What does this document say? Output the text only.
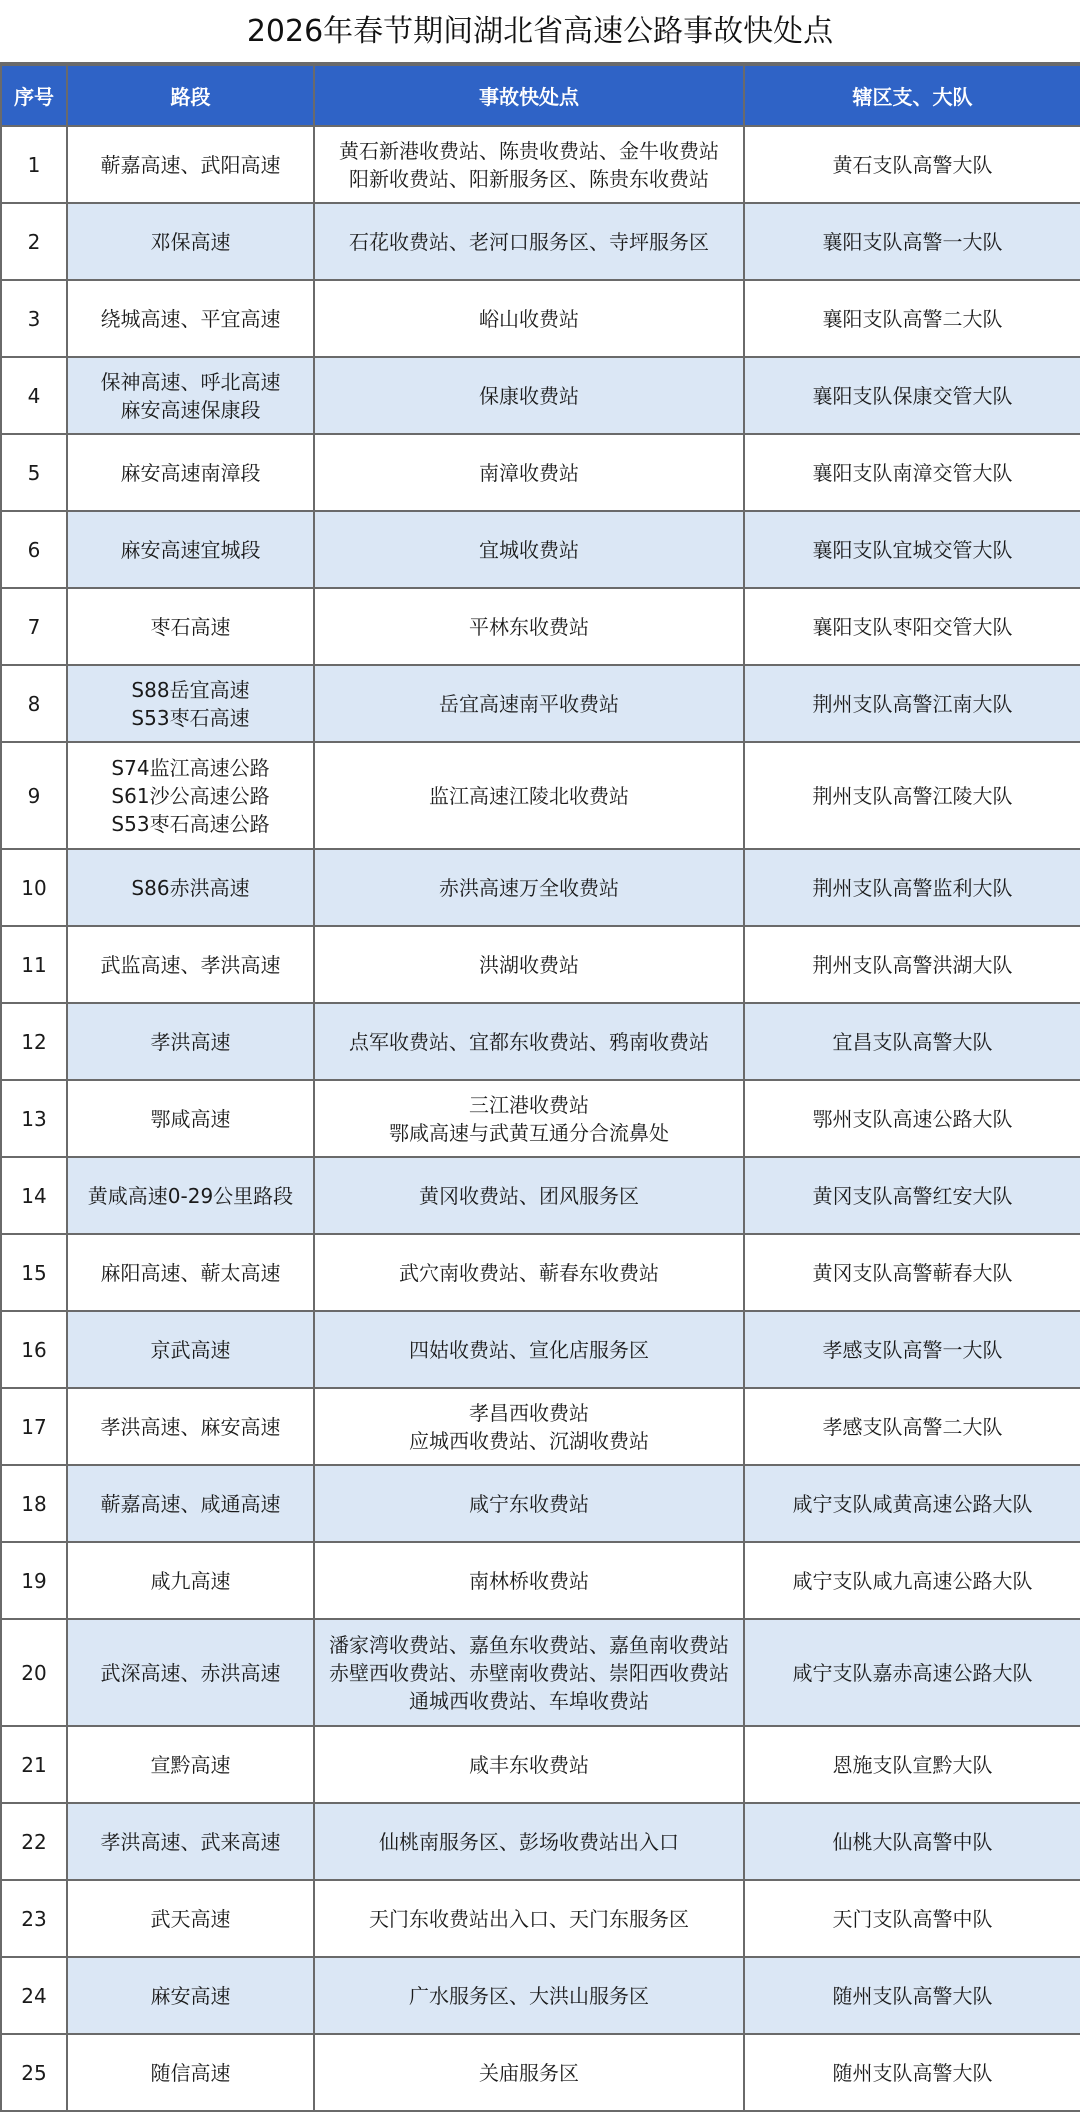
2026年春节期间湖北省高速公路事故快处点
序号	路段	事故快处点	辖区支、大队
1	蕲嘉高速、武阳高速	黄石新港收费站、陈贵收费站、金牛收费站
阳新收费站、阳新服务区、陈贵东收费站	黄石支队高警大队
2	邓保高速	石花收费站、老河口服务区、寺坪服务区	襄阳支队高警一大队
3	绕城高速、平宜高速	峪山收费站	襄阳支队高警二大队
4	保神高速、呼北高速
麻安高速保康段	保康收费站	襄阳支队保康交管大队
5	麻安高速南漳段	南漳收费站	襄阳支队南漳交管大队
6	麻安高速宜城段	宜城收费站	襄阳支队宜城交管大队
7	枣石高速	平林东收费站	襄阳支队枣阳交管大队
8	S88岳宜高速
S53枣石高速	岳宜高速南平收费站	荆州支队高警江南大队
9	S74监江高速公路
S61沙公高速公路
S53枣石高速公路	监江高速江陵北收费站	荆州支队高警江陵大队
10	S86赤洪高速	赤洪高速万全收费站	荆州支队高警监利大队
11	武监高速、孝洪高速	洪湖收费站	荆州支队高警洪湖大队
12	孝洪高速	点军收费站、宜都东收费站、鸦南收费站	宜昌支队高警大队
13	鄂咸高速	三江港收费站
鄂咸高速与武黄互通分合流鼻处	鄂州支队高速公路大队
14	黄咸高速0-29公里路段	黄冈收费站、团风服务区	黄冈支队高警红安大队
15	麻阳高速、蕲太高速	武穴南收费站、蕲春东收费站	黄冈支队高警蕲春大队
16	京武高速	四姑收费站、宣化店服务区	孝感支队高警一大队
17	孝洪高速、麻安高速	孝昌西收费站
应城西收费站、沉湖收费站	孝感支队高警二大队
18	蕲嘉高速、咸通高速	咸宁东收费站	咸宁支队咸黄高速公路大队
19	咸九高速	南林桥收费站	咸宁支队咸九高速公路大队
20	武深高速、赤洪高速	潘家湾收费站、嘉鱼东收费站、嘉鱼南收费站
赤壁西收费站、赤壁南收费站、崇阳西收费站
通城西收费站、车埠收费站	咸宁支队嘉赤高速公路大队
21	宣黔高速	咸丰东收费站	恩施支队宣黔大队
22	孝洪高速、武来高速	仙桃南服务区、彭场收费站出入口	仙桃大队高警中队
23	武天高速	天门东收费站出入口、天门东服务区	天门支队高警中队
24	麻安高速	广水服务区、大洪山服务区	随州支队高警大队
25	随信高速	关庙服务区	随州支队高警大队
